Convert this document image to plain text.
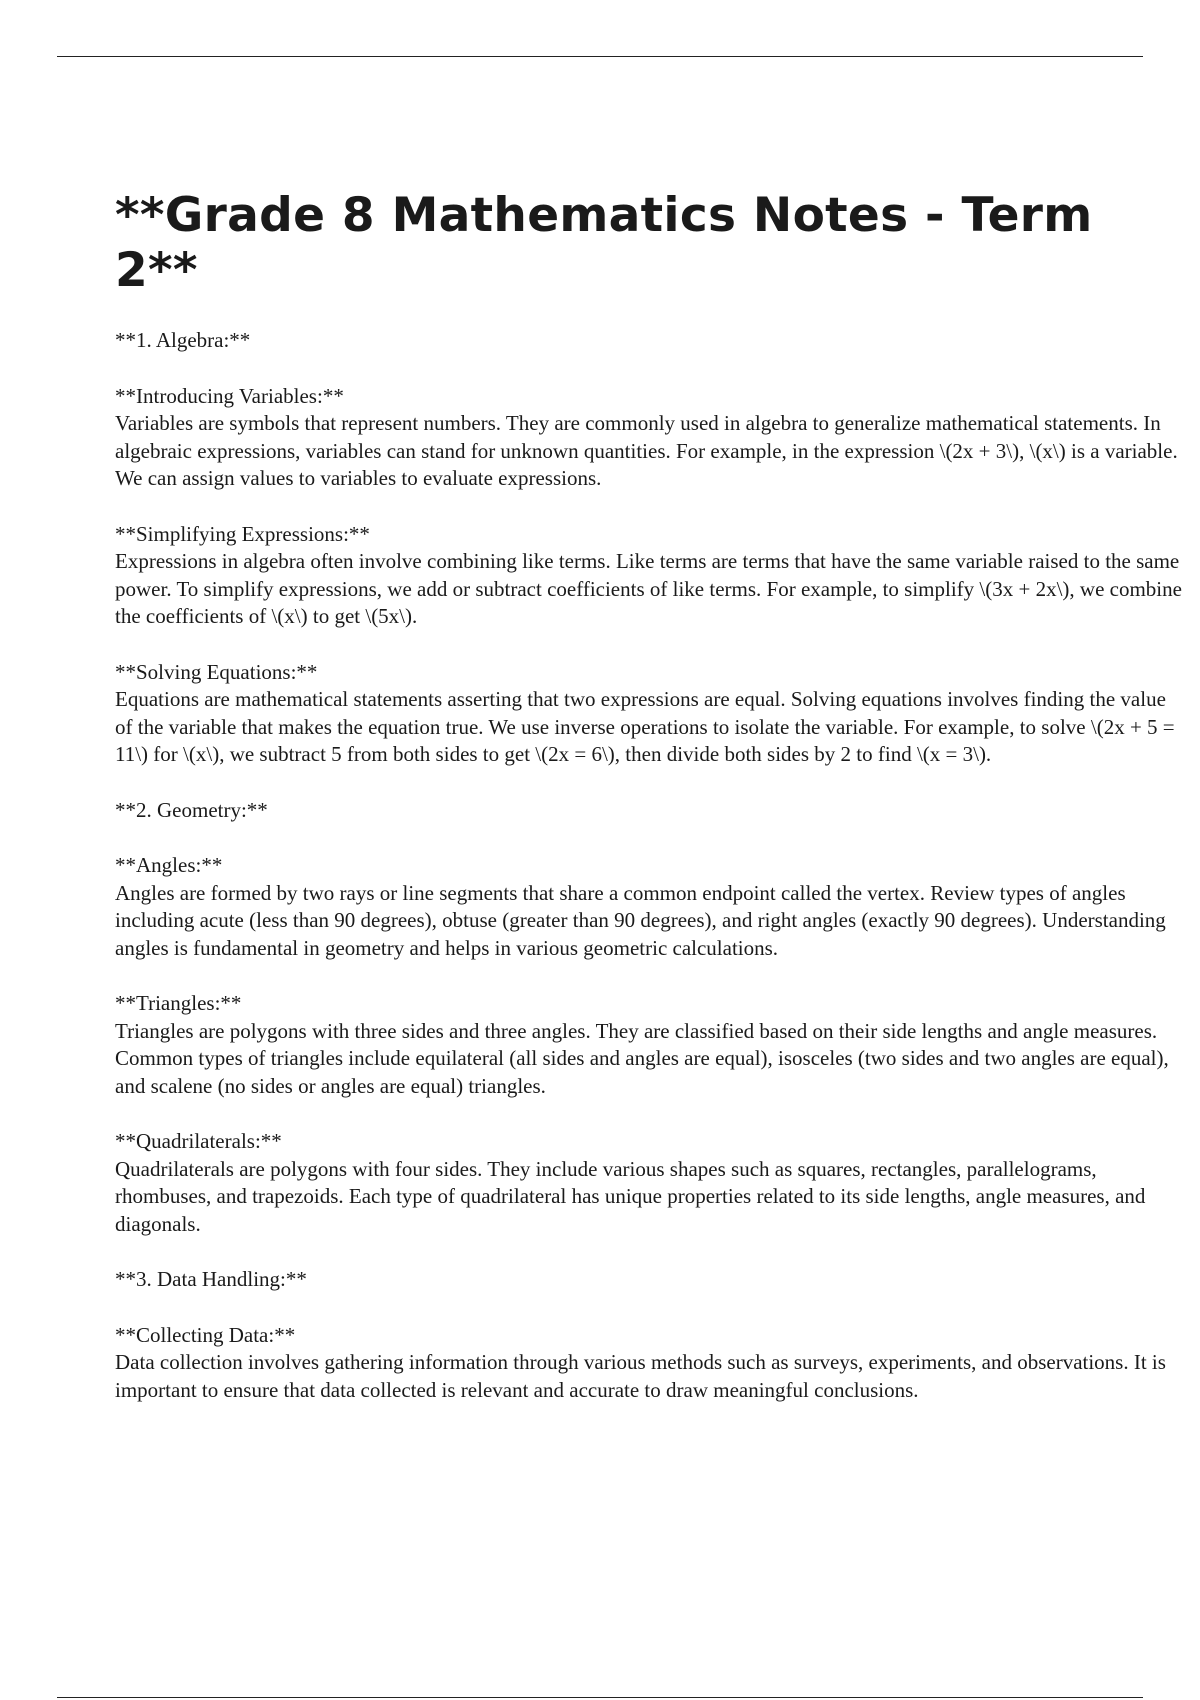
**Grade 8 Mathematics Notes - Term 2**

**1. Algebra:**

**Introducing Variables:**

Variables are symbols that represent numbers. They are commonly used in algebra to generalize mathematical statements. In algebraic expressions, variables can stand for unknown quantities. For example, in the expression \(2x + 3\), \(x\) is a variable. We can assign values to variables to evaluate expressions.

**Simplifying Expressions:**

Expressions in algebra often involve combining like terms. Like terms are terms that have the same variable raised to the same power. To simplify expressions, we add or subtract coefficients of like terms. For example, to simplify \(3x + 2x\), we combine the coefficients of \(x\) to get \(5x\).

**Solving Equations:**

Equations are mathematical statements asserting that two expressions are equal. Solving equations involves finding the value of the variable that makes the equation true. We use inverse operations to isolate the variable. For example, to solve \(2x + 5 = 11\) for \(x\), we subtract 5 from both sides to get \(2x = 6\), then divide both sides by 2 to find \(x = 3\).

**2. Geometry:**

**Angles:**

Angles are formed by two rays or line segments that share a common endpoint called the vertex. Review types of angles including acute (less than 90 degrees), obtuse (greater than 90 degrees), and right angles (exactly 90 degrees). Understanding angles is fundamental in geometry and helps in various geometric calculations.

**Triangles:**

Triangles are polygons with three sides and three angles. They are classified based on their side lengths and angle measures. Common types of triangles include equilateral (all sides and angles are equal), isosceles (two sides and two angles are equal), and scalene (no sides or angles are equal) triangles.

**Quadrilaterals:**

Quadrilaterals are polygons with four sides. They include various shapes such as squares, rectangles, parallelograms, rhombuses, and trapezoids. Each type of quadrilateral has unique properties related to its side lengths, angle measures, and diagonals.

**3. Data Handling:**

**Collecting Data:**

Data collection involves gathering information through various methods such as surveys, experiments, and observations. It is important to ensure that data collected is relevant and accurate to draw meaningful conclusions.
